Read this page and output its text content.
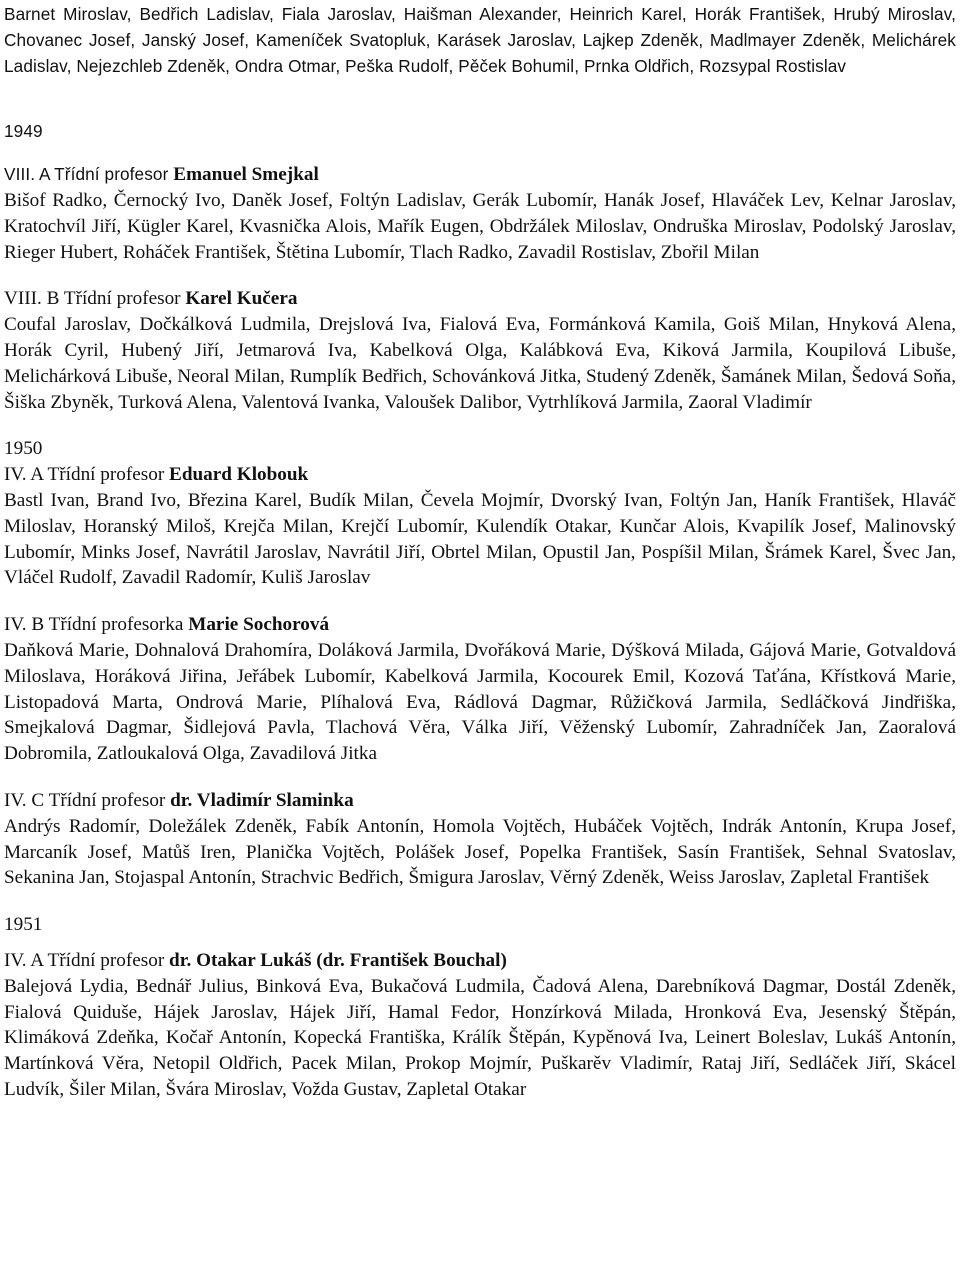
Barnet Miroslav, Bedřich Ladislav, Fiala Jaroslav, Haišman Alexander, Heinrich Karel, Horák František, Hrubý Miroslav, Chovanec Josef, Janský Josef, Kameníček Svatopluk, Karásek Jaroslav, Lajkep Zdeněk, Madlmayer Zdeněk, Melichárek Ladislav, Nejezchleb Zdeněk, Ondra Otmar, Peška Rudolf, Pěček Bohumil, Prnka Oldřich, Rozsypal Rostislav

1949

VIII. A Třídní profesor Emanuel Smejkal

Bišof Radko, Černocký Ivo, Daněk Josef, Foltýn Ladislav, Gerák Lubomír, Hanák Josef, Hlaváček Lev, Kelnar Jaroslav, Kratochvíl Jiří, Kügler Karel, Kvasnička Alois, Mařík Eugen, Obdržálek Miloslav, Ondruška Miroslav, Podolský Jaroslav, Rieger Hubert, Roháček František, Štětina Lubomír, Tlach Radko, Zavadil Rostislav, Zbořil Milan

VIII. B Třídní profesor Karel Kučera

Coufal Jaroslav, Dočkálková Ludmila, Drejslová Iva, Fialová Eva, Formánková Kamila, Goiš Milan, Hnyková Alena, Horák Cyril, Hubený Jiří, Jetmarová Iva, Kabelková Olga, Kalábková Eva, Kiková Jarmila, Koupilová Libuše, Melichárková Libuše, Neoral Milan, Rumplík Bedřich, Schovánková Jitka, Studený Zdeněk, Šamánek Milan, Šedová Soňa, Šiška Zbyněk, Turková Alena, Valentová Ivanka, Valoušek Dalibor, Vytrhlíková Jarmila, Zaoral Vladimír

1950

IV. A Třídní profesor Eduard Klobouk

Bastl Ivan, Brand Ivo, Březina Karel, Budík Milan, Čevela Mojmír, Dvorský Ivan, Foltýn Jan, Haník František, Hlaváč Miloslav, Horanský Miloš, Krejča Milan, Krejčí Lubomír, Kulendík Otakar, Kunčar Alois, Kvapilík Josef, Malinovský Lubomír, Minks Josef, Navrátil Jaroslav, Navrátil Jiří, Obrtel Milan, Opustil Jan, Pospíšil Milan, Šrámek Karel, Švec Jan, Vláčel Rudolf, Zavadil Radomír, Kuliš Jaroslav

IV. B Třídní profesorka Marie Sochorová

Daňková Marie, Dohnalová Drahomíra, Doláková Jarmila, Dvořáková Marie, Dýšková Milada, Gájová Marie, Gotvaldová Miloslava, Horáková Jiřina, Jeřábek Lubomír, Kabelková Jarmila, Kocourek Emil, Kozová Taťána, Křístková Marie, Listopadová Marta, Ondrová Marie, Plíhalová Eva, Rádlová Dagmar, Růžičková Jarmila, Sedláčková Jindřiška, Smejkalová Dagmar, Šidlejová Pavla, Tlachová Věra, Válka Jiří, Věženský Lubomír, Zahradníček Jan, Zaoralová Dobromila, Zatloukalová Olga, Zavadilová Jitka

IV. C Třídní profesor dr. Vladimír Slaminka

Andrýs Radomír, Doležálek Zdeněk, Fabík Antonín, Homola Vojtěch, Hubáček Vojtěch, Indrák Antonín, Krupa Josef, Marcaník Josef, Matůš Iren, Planička Vojtěch, Polášek Josef, Popelka František, Sasín František, Sehnal Svatoslav, Sekanina Jan, Stojaspal Antonín, Strachvic Bedřich, Šmigura Jaroslav, Věrný Zdeněk, Weiss Jaroslav, Zapletal František

1951

IV. A Třídní profesor dr. Otakar Lukáš (dr. František Bouchal)

Balejová Lydia, Bednář Julius, Binková Eva, Bukačová Ludmila, Čadová Alena, Darebníková Dagmar, Dostál Zdeněk, Fialová Quiduše, Hájek Jaroslav, Hájek Jiří, Hamal Fedor, Honzírková Milada, Hronková Eva, Jesenský Štěpán, Klimáková Zdeňka, Kočař Antonín, Kopecká Františka, Králík Štěpán, Kypěnová Iva, Leinert Boleslav, Lukáš Antonín, Martínková Věra, Netopil Oldřich, Pacek Milan, Prokop Mojmír, Puškarěv Vladimír, Rataj Jiří, Sedláček Jiří, Skácel Ludvík, Šiler Milan, Švára Miroslav, Vožda Gustav, Zapletal Otakar
